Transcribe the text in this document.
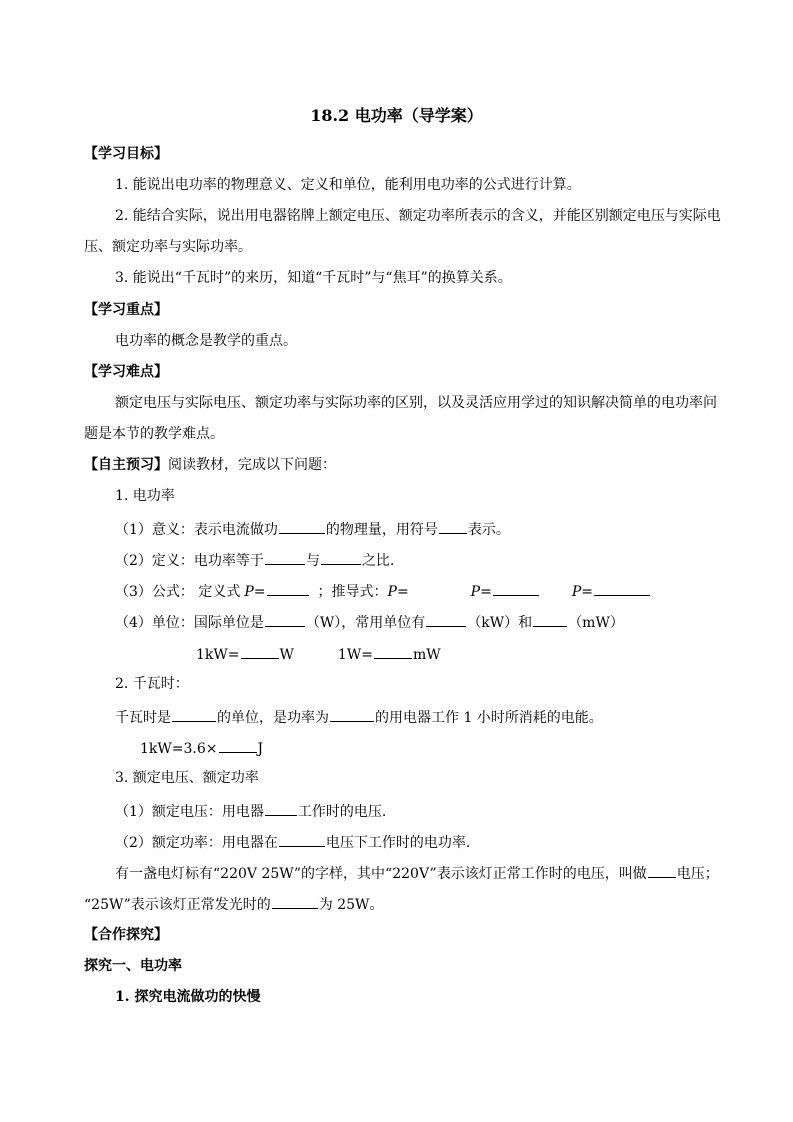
18.2 电功率（导学案）
【学习目标】
1. 能说出电功率的物理意义、定义和单位，能利用电功率的公式进行计算。
2. 能结合实际，说出用电器铭牌上额定电压、额定功率所表示的含义，并能区别额定电压与实际电
压、额定功率与实际功率。
3. 能说出“千瓦时”的来历，知道“千瓦时”与“焦耳”的换算关系。
【学习重点】
电功率的概念是教学的重点。
【学习难点】
额定电压与实际电压、额定功率与实际功率的区别，以及灵活应用学过的知识解决简单的电功率问
题是本节的教学难点。
【自主预习】阅读教材，完成以下问题：
1. 电功率
（1）意义：表示电流做功	的物理量，用符号 表示。
（2）定义：电功率等于	与	之比.
（3）公式： 定义式 P=	；推导式：P=	P=	P=
（4）单位：国际单位是	（W），常用单位有	（kW）和	（mW）
1kW=	W	1W=	mW
2. 千瓦时：
千瓦时是	的单位，是功率为	的用电器工作 1 小时所消耗的电能。
1kW=3.6×	J
3. 额定电压、额定功率
（1）额定电压：用电器 工作时的电压.
（2）额定功率：用电器在	电压下工作时的电功率.
有一盏电灯标有“220V 25W”的字样，其中“220V”表示该灯正常工作时的电压，叫做 电压；
“25W”表示该灯正常发光时的	为 25W。
【合作探究】
探究一、电功率
1. 探究电流做功的快慢
